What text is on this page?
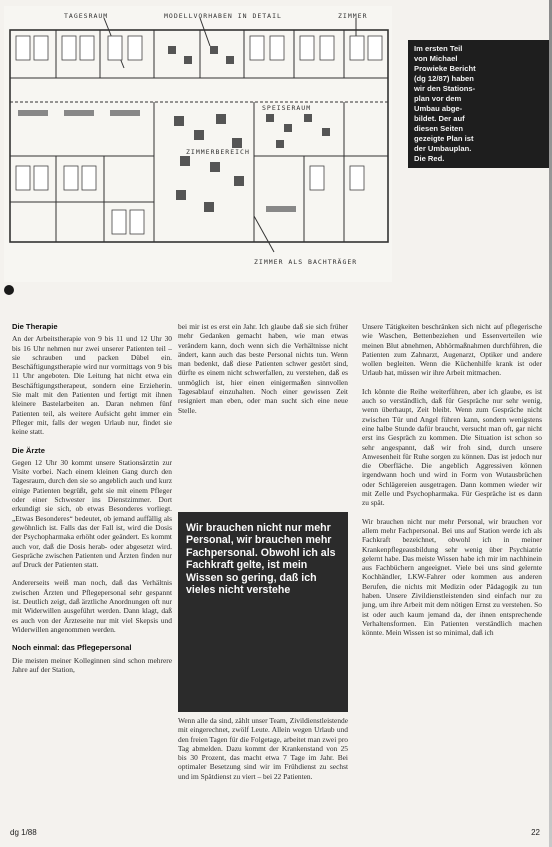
TAGESRAUM	MODELLVORHABEN IN DETAIL	ZIMMER
SPEISERAUM
ZIMMERBEREICH
ZIMMER ALS BACHTRÄGER
Im ersten Teil
von Michael
Prowieke Bericht
(dg 12/87) haben
wir den Stations-
plan vor dem
Umbau abge-
bildet. Der auf
diesen Seiten
gezeigte Plan ist
der Umbauplan.
Die Red.
Die Therapie

An der Arbeitstherapie von 9 bis 11 und 12 Uhr 30 bis 16 Uhr nehmen nur zwei unserer Patienten teil – sie schrauben und packen Dübel ein. Beschäftigungstherapie wird nur vormittags von 9 bis 11 Uhr angeboten. Die Leitung hat nicht etwa ein Beschäftigungstherapeut, sondern eine Erzieherin. Sie malt mit den Patienten und fertigt mit ihnen kleinere Bastelarbeiten an. Daran nehmen fünf Patienten teil, als weitere Aufsicht geht immer ein Pfleger mit, falls der wegen Urlaub nur, findet sie keine statt.

Die Ärzte

Gegen 12 Uhr 30 kommt unsere Stationsärztin zur Visite vorbei. Nach einem kleinen Gang durch den Tagesraum, durch den sie so angeblich auch und kurz einige Patienten begrüßt, geht sie mit einem Pfleger oder einer Schwester ins Dienstzimmer. Dort erkundigt sie sich, ob etwas Besonderes vorliegt. „Etwas Besonderes“ bedeutet, ob jemand auffällig als gewöhnlich ist. Falls das der Fall ist, wird die Dosis der Psychopharmaka erhöht oder geändert. Es kommt auch vor, daß die Dosis herab- oder abgesetzt wird. Gespräche zwischen Patienten und Ärzten finden nur auf Druck der Patienten statt.

Andererseits weiß man noch, daß das Verhältnis zwischen Ärzten und Pflegepersonal sehr gespannt ist. Deutlich zeigt, daß ärztliche Anordnungen oft nur mit Widerwillen ausgeführt werden. Dann klagt, daß es auch von der Ärzteseite nur mit viel Skepsis und Widerwillen angenommen werden.

Noch einmal: das Pflegepersonal

Die meisten meiner Kolleginnen sind schon mehrere Jahre auf der Station,

bei mir ist es erst ein Jahr. Ich glaube daß sie sich früher mehr Gedanken gemacht haben, wie man etwas verändern kann, doch wenn sich die Verhältnisse nicht ändert, kann auch das beste Personal nichts tun. Wenn man bedenkt, daß diese Patienten schwer gestört sind, dürfte es einem nicht schwerfallen, zu verstehen, daß es unmöglich ist, hier einen einigermaßen sinnvollen Tagesablauf einzuhalten. Noch einer gewissen Zeit resigniert man eben, oder man sucht sich eine neue Stelle.

Wir brauchen nicht nur mehr Personal, wir brauchen mehr Fachpersonal. Obwohl ich als Fachkraft gelte, ist mein Wissen so gering, daß ich vieles nicht verstehe

Wenn alle da sind, zählt unser Team, Zivildienstleistende mit eingerechnet, zwölf Leute. Allein wegen Urlaub und den freien Tagen für die Folgetage, arbeitet man zwei pro Tag abmelden. Dazu kommt der Krankenstand von 25 bis 30 Prozent, das macht etwa 7 Tage im Jahr. Bei optimaler Besetzung sind wir im Frühdienst zu sechst und im Spätdienst zu viert – bei 22 Patienten.

Unsere Tätigkeiten beschränken sich nicht auf pflegerische wie Waschen, Bettenbeziehen und Essenverteilen wie meinen Blut abnehmen, Abhörmaßnahmen durchführen, die Patienten zum Zahnarzt, Augenarzt, Optiker und andere wollen begleiten. Wenn die Küchenhilfe krank ist oder Urlaub hat, müssen wir ihre Arbeit mitmachen.

Ich könnte die Reihe weiterführen, aber ich glaube, es ist auch so verständlich, daß für Gespräche nur sehr wenig, wenn überhaupt, Zeit bleibt. Wenn zum Gespräche nicht zwischen Tür und Angel führen kann, sondern wenigstens eine halbe Stunde dafür braucht, versucht man oft, gar nicht erst ins Gespräch zu kommen. Die Situation ist schon so sehr angespannt, daß wir froh sind, durch unsere Anwesenheit für Ruhe sorgen zu können. Das ist jedoch nur die Oberfläche. Die angeblich Aggressiven können irgendwann hoch und wird in Form von Wutausbrüchen oder Schlägereien ausgetragen. Dann kommen wieder wir mit Zelle und Psychopharmaka. Für Gespräche ist es dann zu spät.

Wir brauchen nicht nur mehr Personal, wir brauchen vor allem mehr Fachpersonal. Bei uns auf Station werde ich als Fachkraft bezeichnet, obwohl ich in meiner Krankenpflegeausbildung sehr wenig über Psychiatrie gelernt habe. Das meiste Wissen habe ich mir im nachhinein aus Fachbüchern angeeignet. Viele bei uns sind gelernte Kochhändler, LKW-Fahrer oder kommen aus anderen Berufen, die nichts mit Medizin oder Pädagogik zu tun haben. Unsere Zivildienstleistenden sind einfach nur zu jung, um ihre Arbeit mit dem nötigen Ernst zu verstehen. So ist oder auch kaum jemand da, der ihnen entsprechende Verhaltensformen. Ein Patienten verständlich machen könnte. Mein Wissen ist so minimal, daß ich

dg 1/88	22
